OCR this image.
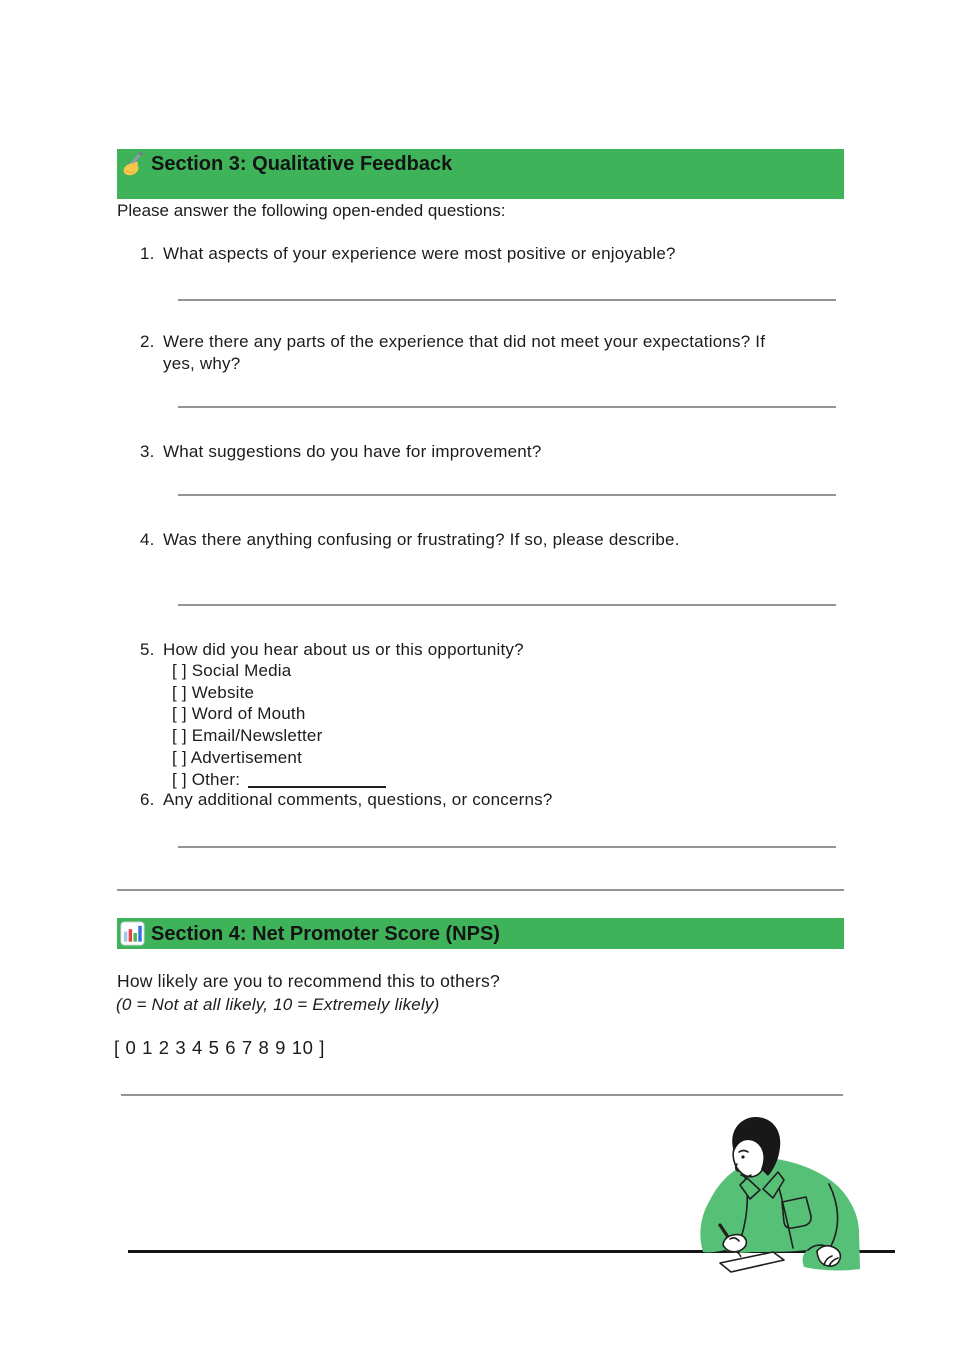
Section 3: Qualitative Feedback
Please answer the following open-ended questions:
1. What aspects of your experience were most positive or enjoyable?
2. Were there any parts of the experience that did not meet your expectations? If yes, why?
3. What suggestions do you have for improvement?
4. Was there anything confusing or frustrating? If so, please describe.
5. How did you hear about us or this opportunity?
[ ] Social Media
[ ] Website
[ ] Word of Mouth
[ ] Email/Newsletter
[ ] Advertisement
[ ] Other:
6. Any additional comments, questions, or concerns?
Section 4: Net Promoter Score (NPS)
How likely are you to recommend this to others?
(0 = Not at all likely, 10 = Extremely likely)
[ 0 1 2 3 4 5 6 7 8 9 10 ]
